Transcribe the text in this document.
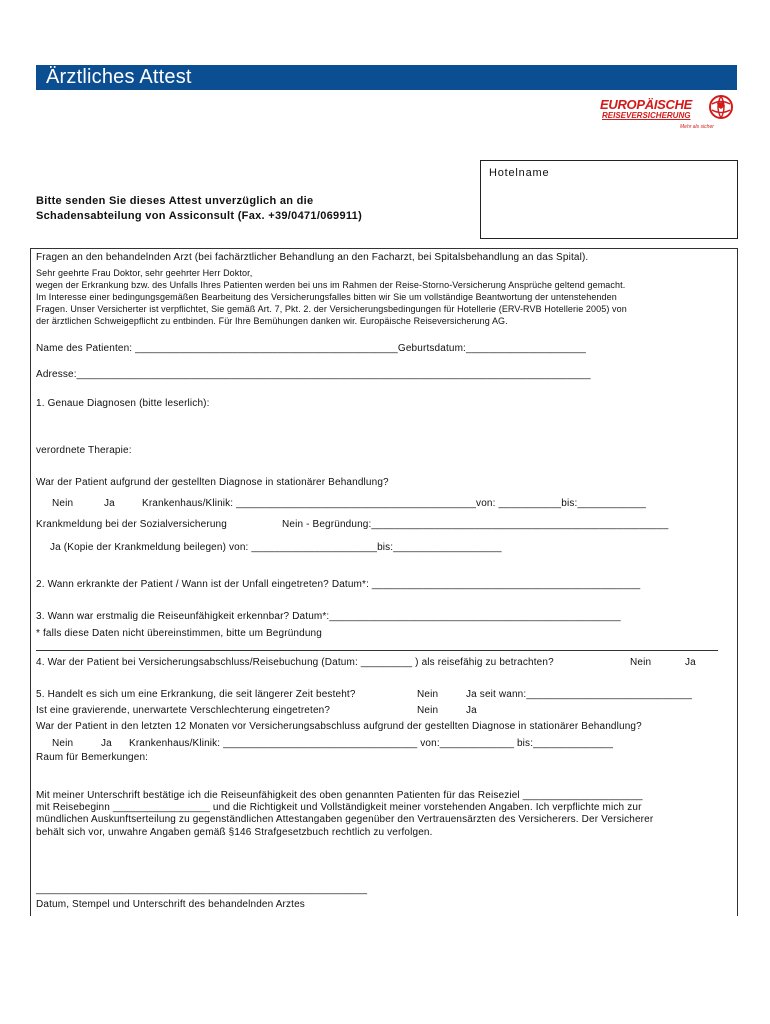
Ärztliches Attest
EUROPÄISCHE
REISEVERSICHERUNG
Mehr als sicher
Hotelname
Bitte senden Sie dieses Attest unverzüglich an die
Schadensabteilung von Assiconsult (Fax. +39/0471/069911)
Fragen an den behandelnden Arzt (bei fachärztlicher Behandlung an den Facharzt, bei Spitalsbehandlung an das Spital).
Sehr geehrte Frau Doktor, sehr geehrter Herr Doktor,
wegen der Erkrankung bzw. des Unfalls Ihres Patienten werden bei uns im Rahmen der Reise-Storno-Versicherung Ansprüche geltend gemacht.
Im Interesse einer bedingungsgemäßen Bearbeitung des Versicherungsfalles bitten wir Sie um vollständige Beantwortung der untenstehenden
Fragen. Unser Versicherter ist verpflichtet, Sie gemäß Art. 7, Pkt. 2. der Versicherungsbedingungen für Hotellerie (ERV-RVB Hotellerie 2005) von
der ärztlichen Schweigepflicht zu entbinden. Für Ihre Bemühungen danken wir. Europäische Reiseversicherung AG.
Name des Patienten: ______________________________________________Geburtsdatum:_____________________
Adresse:__________________________________________________________________________________________
1. Genaue Diagnosen (bitte leserlich):
verordnete Therapie:
War der Patient aufgrund der gestellten Diagnose in stationärer Behandlung?
Nein	Ja	Krankenhaus/Klinik: __________________________________________von: ___________bis:____________
Krankmeldung bei der Sozialversicherung	Nein - Begründung:____________________________________________________
Ja (Kopie der Krankmeldung beilegen) von: ______________________bis:___________________
2. Wann erkrankte der Patient / Wann ist der Unfall eingetreten? Datum*: _______________________________________________
3. Wann war erstmalig die Reiseunfähigkeit erkennbar? Datum*:___________________________________________________
* falls diese Daten nicht übereinstimmen, bitte um Begründung
4. War der Patient bei Versicherungsabschluss/Reisebuchung (Datum: _________ ) als reisefähig zu betrachten?	Nein	Ja
5. Handelt es sich um eine Erkrankung, die seit längerer Zeit besteht?	Nein	Ja seit wann:_____________________________
Ist eine gravierende, unerwartete Verschlechterung eingetreten?	Nein	Ja
War der Patient in den letzten 12 Monaten vor Versicherungsabschluss aufgrund der gestellten Diagnose in stationärer Behandlung?
Nein	Ja Krankenhaus/Klinik: __________________________________ von:_____________ bis:______________
Raum für Bemerkungen:
Mit meiner Unterschrift bestätige ich die Reiseunfähigkeit des oben genannten Patienten für das Reiseziel _____________________
mit Reisebeginn _________________ und die Richtigkeit und Vollständigkeit meiner vorstehenden Angaben. Ich verpflichte mich zur
mündlichen Auskunftserteilung zu gegenständlichen Attestangaben gegenüber den Vertrauensärzten des Versicherers. Der Versicherer
behält sich vor, unwahre Angaben gemäß §146 Strafgesetzbuch rechtlich zu verfolgen.
__________________________________________________________
Datum, Stempel und Unterschrift des behandelnden Arztes
